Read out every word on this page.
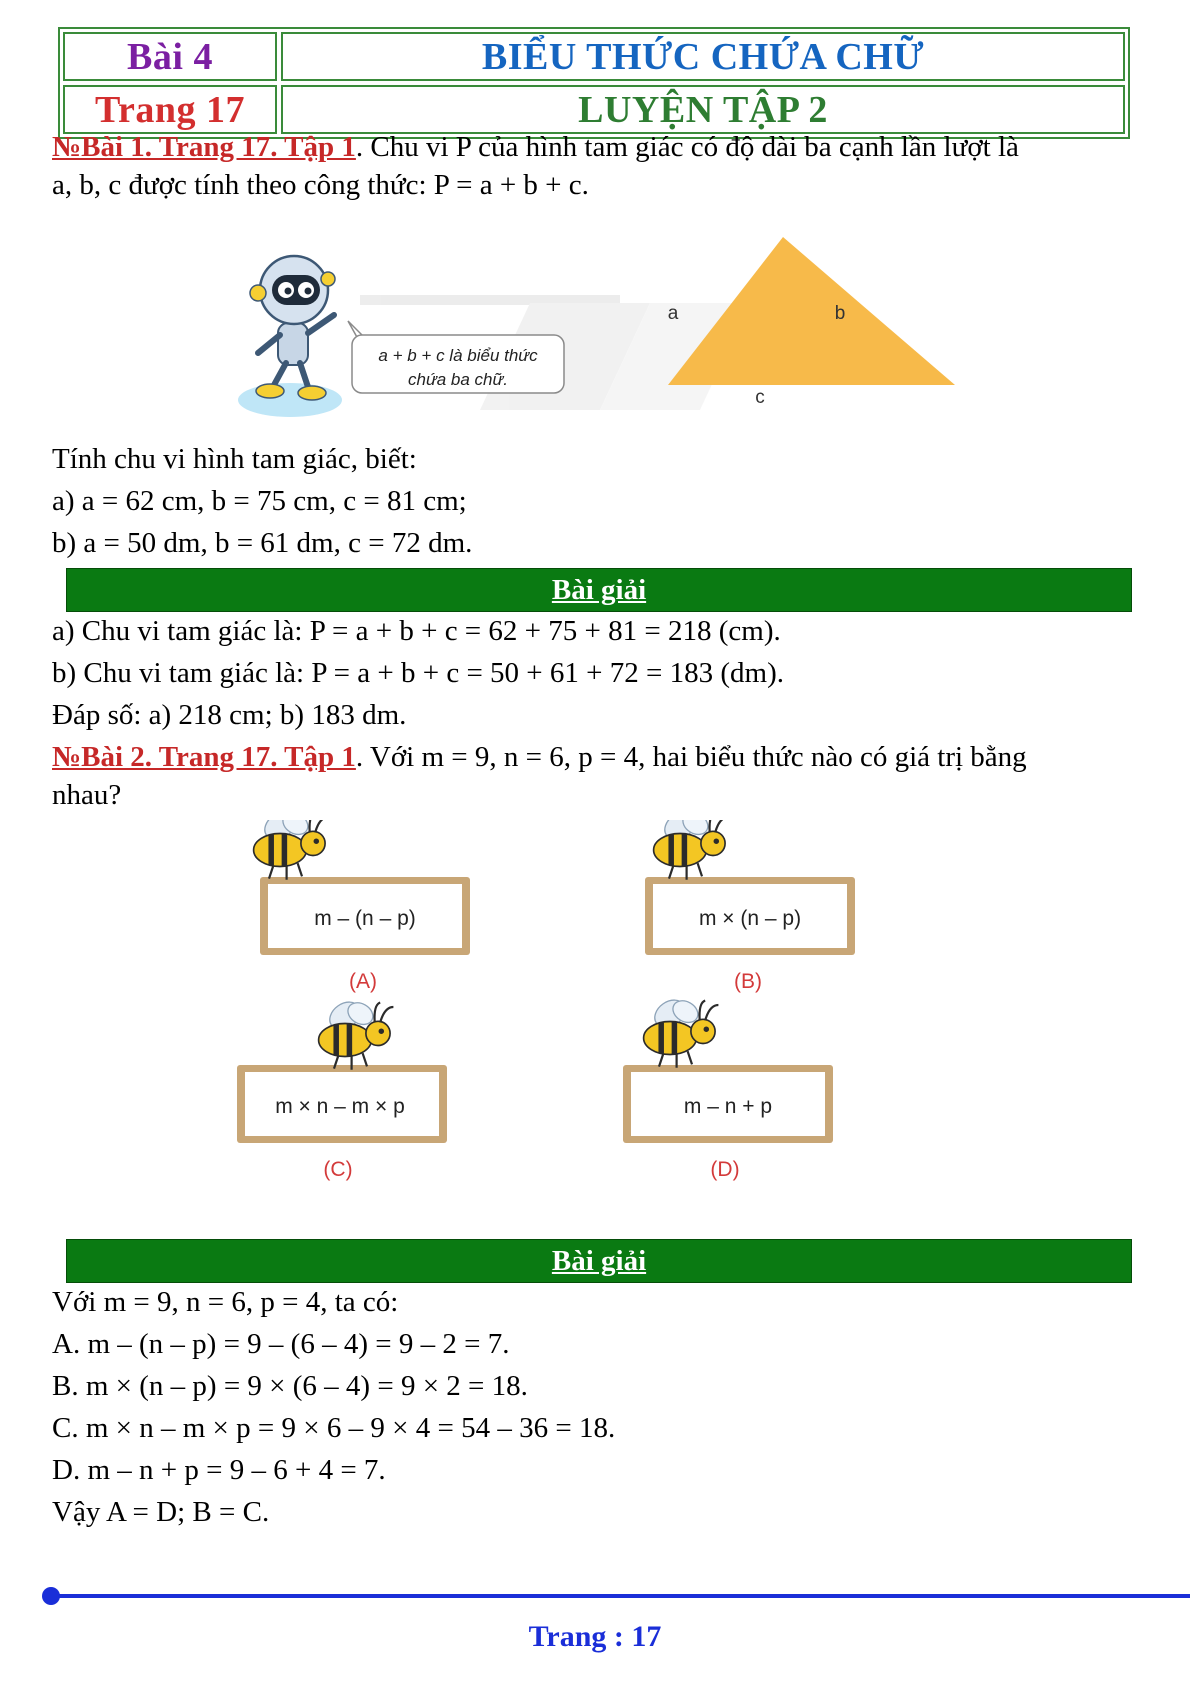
Bài 4	BIỂU THỨC CHỨA CHỮ
Trang 17	LUYỆN TẬP 2
№Bài 1. Trang 17. Tập 1. Chu vi P của hình tam giác có độ dài ba cạnh lần lượt là
a, b, c được tính theo công thức: P = a + b + c.
a + b + c là biểu thức
chứa ba chữ.
a	b
c
Tính chu vi hình tam giác, biết:
a) a = 62 cm, b = 75 cm, c = 81 cm;
b) a = 50 dm, b = 61 dm, c = 72 dm.
Bài giải
a) Chu vi tam giác là: P = a + b + c = 62 + 75 + 81 = 218 (cm).
b) Chu vi tam giác là: P = a + b + c = 50 + 61 + 72 = 183 (dm).
Đáp số: a) 218 cm; b) 183 dm.
№Bài 2. Trang 17. Tập 1. Với m = 9, n = 6, p = 4, hai biểu thức nào có giá trị bằng
nhau?
m – (n – p)
(A)
m × (n – p)
(B)
m × n – m × p
(C)
m – n + p
(D)
Bài giải
Với m = 9, n = 6, p = 4, ta có:
A. m – (n – p) = 9 – (6 – 4) = 9 – 2 = 7.
B. m × (n – p) = 9 × (6 – 4) = 9 × 2 = 18.
C. m × n – m × p = 9 × 6 – 9 × 4 = 54 – 36 = 18.
D. m – n + p = 9 – 6 + 4 = 7.
Vậy A = D; B = C.
Trang : 17
